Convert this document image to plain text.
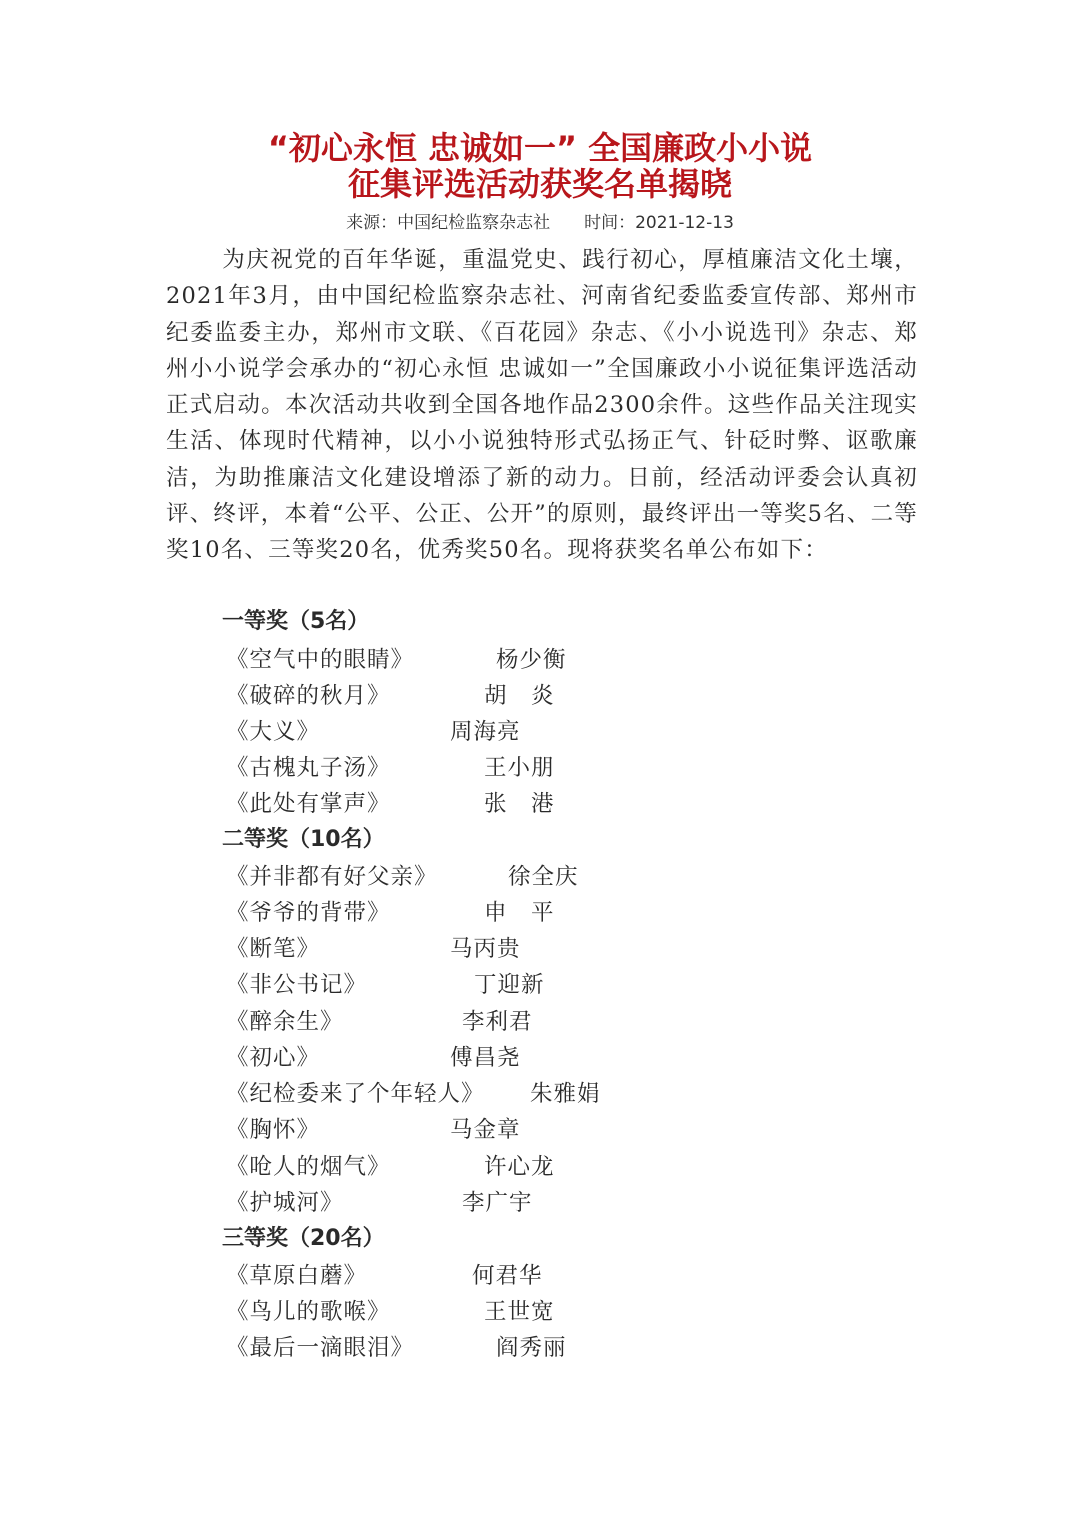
“初心永恒 忠诚如一” 全国廉政小小说
征集评选活动获奖名单揭晓
来源：中国纪检监察杂志社 时间：2021-12-13

为庆祝党的百年华诞，重温党史、践行初心，厚植廉洁文化土壤，2021年3月，由中国纪检监察杂志社、河南省纪委监委宣传部、郑州市纪委监委主办，郑州市文联、《百花园》杂志、《小小说选刊》杂志、郑州小小说学会承办的“初心永恒 忠诚如一”全国廉政小小说征集评选活动正式启动。本次活动共收到全国各地作品2300余件。这些作品关注现实生活、体现时代精神，以小小说独特形式弘扬正气、针砭时弊、讴歌廉洁，为助推廉洁文化建设增添了新的动力。日前，经活动评委会认真初评、终评，本着“公平、公正、公开”的原则，最终评出一等奖5名、二等奖10名、三等奖20名，优秀奖50名。现将获奖名单公布如下：

一等奖（5名）
《空气中的眼睛》	杨少衡
《破碎的秋月》	胡　炎
《大义》	周海亮
《古槐丸子汤》	王小朋
《此处有掌声》	张　港
二等奖（10名）
《并非都有好父亲》	徐全庆
《爷爷的背带》	申　平
《断笔》	马丙贵
《非公书记》	丁迎新
《醉余生》	李利君
《初心》	傅昌尧
《纪检委来了个年轻人》 朱雅娟
《胸怀》	马金章
《呛人的烟气》	许心龙
《护城河》	李广宇
三等奖（20名）
《草原白蘑》	何君华
《鸟儿的歌喉》	王世宽
《最后一滴眼泪》	阎秀丽
